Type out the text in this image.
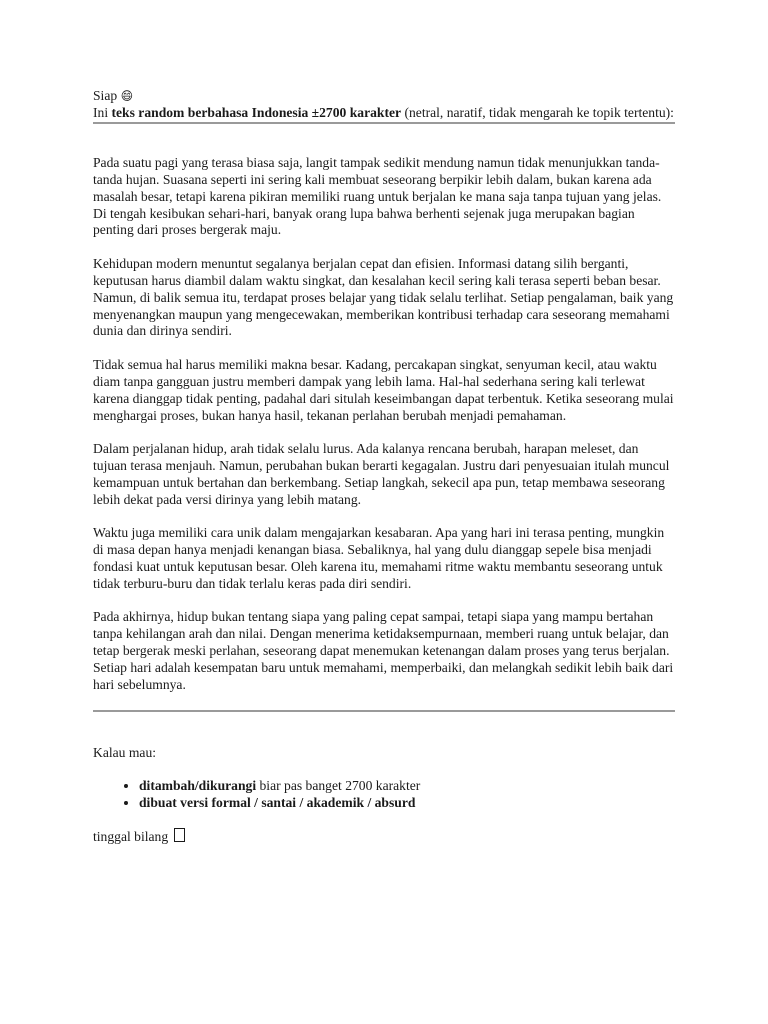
Siap 😄
Ini teks random berbahasa Indonesia ±2700 karakter (netral, naratif, tidak mengarah ke topik tertentu):

Pada suatu pagi yang terasa biasa saja, langit tampak sedikit mendung namun tidak menunjukkan tanda-tanda hujan. Suasana seperti ini sering kali membuat seseorang berpikir lebih dalam, bukan karena ada masalah besar, tetapi karena pikiran memiliki ruang untuk berjalan ke mana saja tanpa tujuan yang jelas. Di tengah kesibukan sehari-hari, banyak orang lupa bahwa berhenti sejenak juga merupakan bagian penting dari proses bergerak maju.

Kehidupan modern menuntut segalanya berjalan cepat dan efisien. Informasi datang silih berganti, keputusan harus diambil dalam waktu singkat, dan kesalahan kecil sering kali terasa seperti beban besar. Namun, di balik semua itu, terdapat proses belajar yang tidak selalu terlihat. Setiap pengalaman, baik yang menyenangkan maupun yang mengecewakan, memberikan kontribusi terhadap cara seseorang memahami dunia dan dirinya sendiri.

Tidak semua hal harus memiliki makna besar. Kadang, percakapan singkat, senyuman kecil, atau waktu diam tanpa gangguan justru memberi dampak yang lebih lama. Hal-hal sederhana sering kali terlewat karena dianggap tidak penting, padahal dari situlah keseimbangan dapat terbentuk. Ketika seseorang mulai menghargai proses, bukan hanya hasil, tekanan perlahan berubah menjadi pemahaman.

Dalam perjalanan hidup, arah tidak selalu lurus. Ada kalanya rencana berubah, harapan meleset, dan tujuan terasa menjauh. Namun, perubahan bukan berarti kegagalan. Justru dari penyesuaian itulah muncul kemampuan untuk bertahan dan berkembang. Setiap langkah, sekecil apa pun, tetap membawa seseorang lebih dekat pada versi dirinya yang lebih matang.

Waktu juga memiliki cara unik dalam mengajarkan kesabaran. Apa yang hari ini terasa penting, mungkin di masa depan hanya menjadi kenangan biasa. Sebaliknya, hal yang dulu dianggap sepele bisa menjadi fondasi kuat untuk keputusan besar. Oleh karena itu, memahami ritme waktu membantu seseorang untuk tidak terburu-buru dan tidak terlalu keras pada diri sendiri.

Pada akhirnya, hidup bukan tentang siapa yang paling cepat sampai, tetapi siapa yang mampu bertahan tanpa kehilangan arah dan nilai. Dengan menerima ketidaksempurnaan, memberi ruang untuk belajar, dan tetap bergerak meski perlahan, seseorang dapat menemukan ketenangan dalam proses yang terus berjalan. Setiap hari adalah kesempatan baru untuk memahami, memperbaiki, dan melangkah sedikit lebih baik dari hari sebelumnya.

Kalau mau:
• ditambah/dikurangi biar pas banget 2700 karakter
• dibuat versi formal / santai / akademik / absurd
tinggal bilang
